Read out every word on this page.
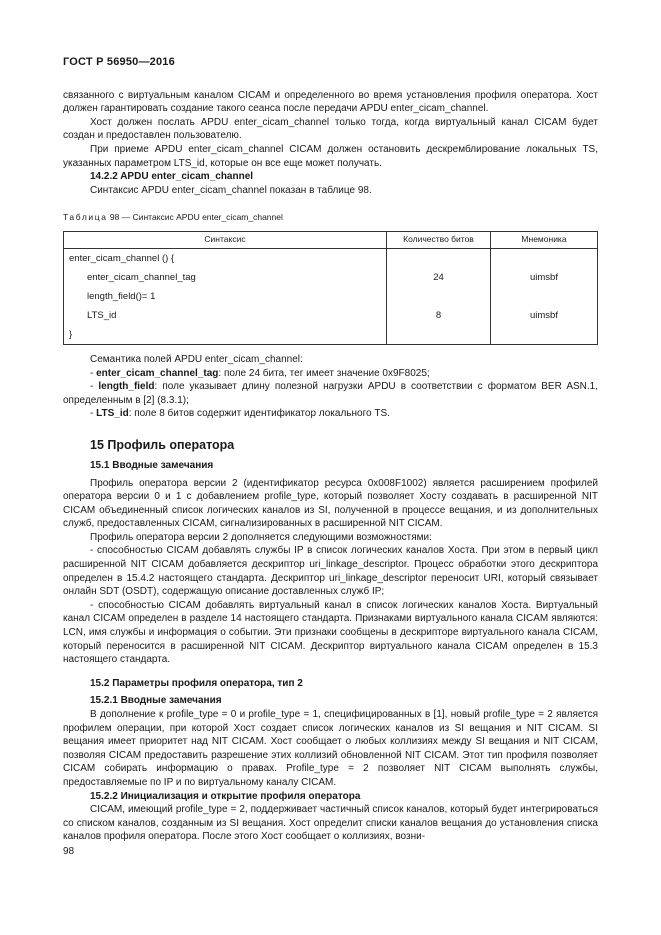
ГОСТ Р 56950—2016

связанного с виртуальным каналом CICAM и определенного во время установления профиля оператора. Хост должен гарантировать создание такого сеанса после передачи APDU enter_cicam_channel.

Хост должен послать APDU enter_cicam_channel только тогда, когда виртуальный канал CICAM будет создан и предоставлен пользователю.

При приеме APDU enter_cicam_channel CICAM должен остановить дескремблирование локальных TS, указанных параметром LTS_id, которые он все еще может получать.

14.2.2 APDU enter_cicam_channel

Синтаксис APDU enter_cicam_channel показан в таблице 98.

Таблица 98 — Синтаксис APDU enter_cicam_channel
Синтаксис	Количество битов	Мнемоника
enter_cicam_channel () {		
enter_cicam_channel_tag	24	uimsbf
length_field()= 1		
LTS_id	8	uimsbf
}		

Семантика полей APDU enter_cicam_channel:

- enter_cicam_channel_tag: поле 24 бита, тег имеет значение 0x9F8025;

- length_field: поле указывает длину полезной нагрузки APDU в соответствии с форматом BER ASN.1, определенным в [2] (8.3.1);

- LTS_id: поле 8 битов содержит идентификатор локального TS.

15 Профиль оператора
15.1 Вводные замечания

Профиль оператора версии 2 (идентификатор ресурса 0x008F1002) является расширением профилей оператора версии 0 и 1 с добавлением profile_type, который позволяет Хосту создавать в расширенной NIT CICAM объединенный список логических каналов из SI, полученной в процессе вещания, и из дополнительных служб, предоставленных CICAM, сигнализированных в расширенной NIT CICAM.

Профиль оператора версии 2 дополняется следующими возможностями:

- способностью CICAM добавлять службы IP в список логических каналов Хоста. При этом в первый цикл расширенной NIT CICAM добавляется дескриптор uri_linkage_descriptor. Процесс обработки этого дескриптора определен в 15.4.2 настоящего стандарта. Дескриптор uri_linkage_descriptor переносит URI, который связывает онлайн SDT (OSDT), содержащую описание доставленных служб IP;

- способностью CICAM добавлять виртуальный канал в список логических каналов Хоста. Виртуальный канал CICAM определен в разделе 14 настоящего стандарта. Признаками виртуального канала CICAM являются: LCN, имя службы и информация о событии. Эти признаки сообщены в дескрипторе виртуального канала CICAM, который переносится в расширенной NIT CICAM. Дескриптор виртуального канала CICAM определен в 15.3 настоящего стандарта.

15.2 Параметры профиля оператора, тип 2
15.2.1 Вводные замечания

В дополнение к profile_type = 0 и profile_type = 1, специфицированных в [1], новый profile_type = 2 является профилем операции, при которой Хост создает список логических каналов из SI вещания и NIT CICAM. SI вещания имеет приоритет над NIT CICAM. Хост сообщает о любых коллизиях между SI вещания и NIT CICAM, позволяя CICAM предоставить разрешение этих коллизий обновленной NIT CICAM. Этот тип профиля позволяет CICAM собирать информацию о правах. Profile_type = 2 позволяет NIT CICAM выполнять службы, предоставляемые по IP и по виртуальному каналу CICAM.

15.2.2 Инициализация и открытие профиля оператора

CICAM, имеющий profile_type = 2, поддерживает частичный список каналов, который будет интегрироваться со списком каналов, созданным из SI вещания. Хост определит списки каналов вещания до установления списка каналов профиля оператора. После этого Хост сообщает о коллизиях, возни-

98
